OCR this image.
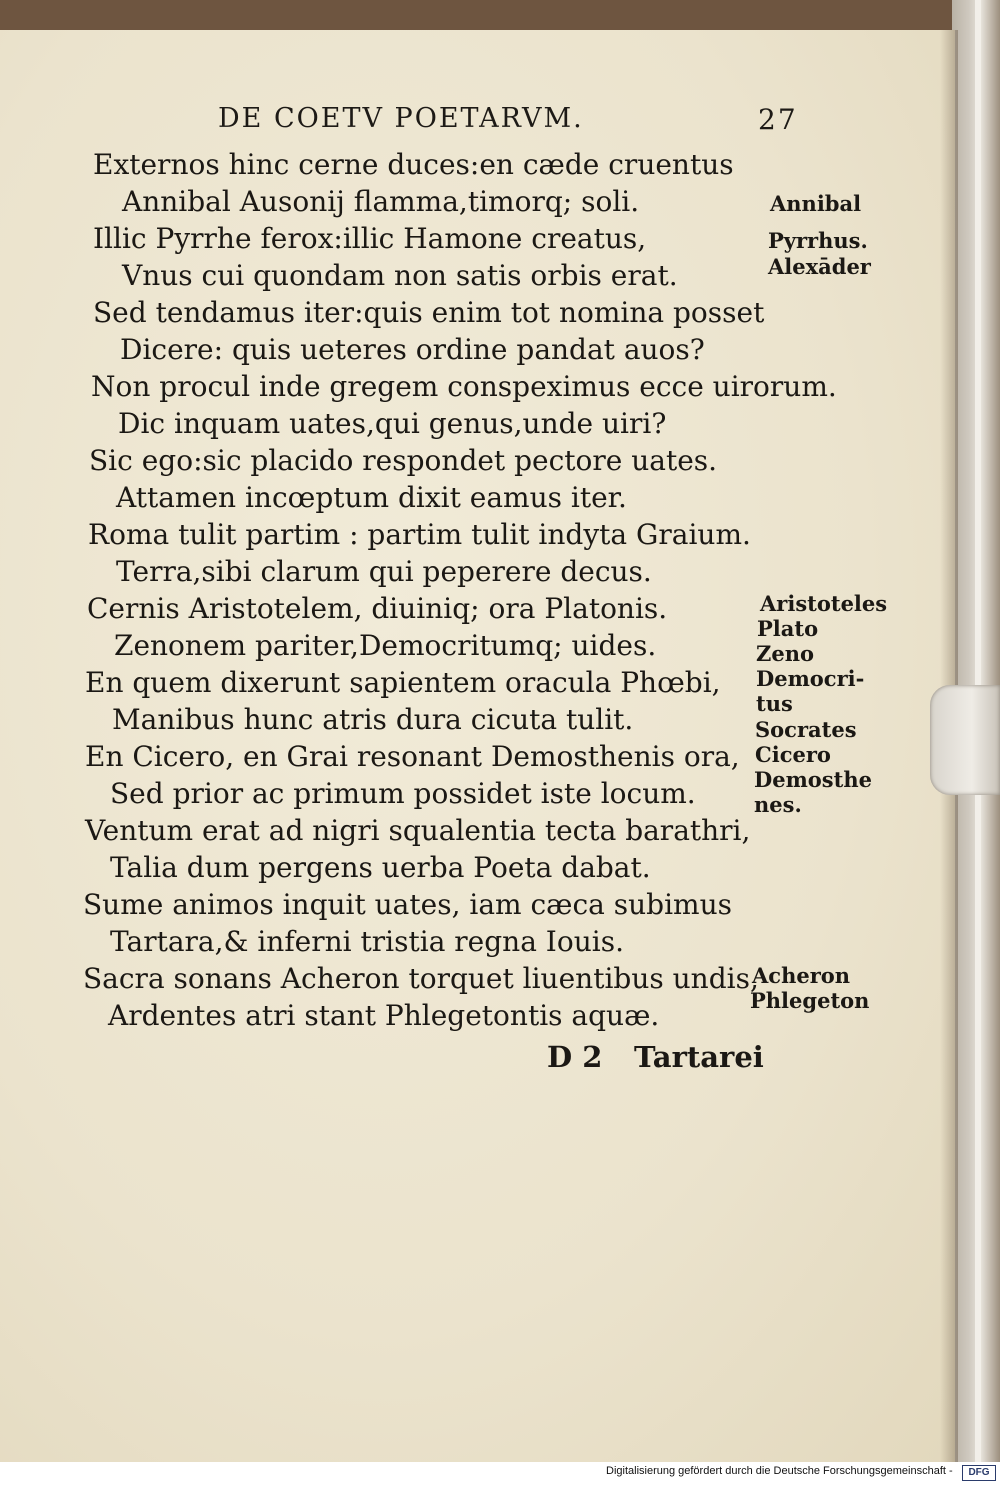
DE COETV POETARVM.	27
Externos hinc cerne duces:en cæde cruentus
Annibal Ausonij flamma,timorq; soli.
Illic Pyrrhe ferox:illic Hamone creatus,
Vnus cui quondam non satis orbis erat.
Sed tendamus iter:quis enim tot nomina posset
Dicere: quis ueteres ordine pandat auos?
Non procul inde gregem conspeximus ecce uirorum.
Dic inquam uates,qui genus,unde uiri?
Sic ego:sic placido respondet pectore uates.
Attamen incœptum dixit eamus iter.
Roma tulit partim : partim tulit indyta Graium.
Terra,sibi clarum qui peperere decus.
Cernis Aristotelem, diuiniq; ora Platonis.
Zenonem pariter,Democritumq; uides.
En quem dixerunt sapientem oracula Phœbi,
Manibus hunc atris dura cicuta tulit.
En Cicero, en Grai resonant Demosthenis ora,
Sed prior ac primum possidet iste locum.
Ventum erat ad nigri squalentia tecta barathri,
Talia dum pergens uerba Poeta dabat.
Sume animos inquit uates, iam cæca subimus
Tartara,& inferni tristia regna Iouis.
Sacra sonans Acheron torquet liuentibus undis,
Ardentes atri stant Phlegetontis aquæ.
Annibal
Pyrrhus.
Alexāder
Aristoteles
Plato
Zeno
Democri-
tus
Socrates
Cicero
Demosthe
nes.
Acheron
Phlegeton
D 2 Tartarei
Digitalisierung gefördert durch die Deutsche Forschungsgemeinschaft -	DFG
